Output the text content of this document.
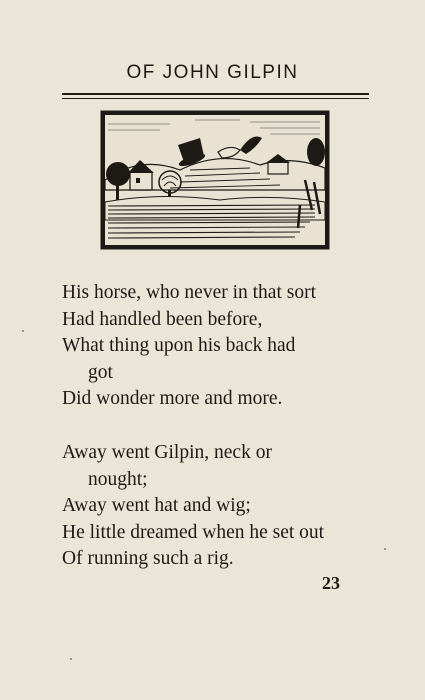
OF JOHN GILPIN
His horse, who never in that sort
Had handled been before,
What thing upon his back had
got
Did wonder more and more.
Away went Gilpin, neck or
nought;
Away went hat and wig;
He little dreamed when he set out
Of running such a rig.
23
